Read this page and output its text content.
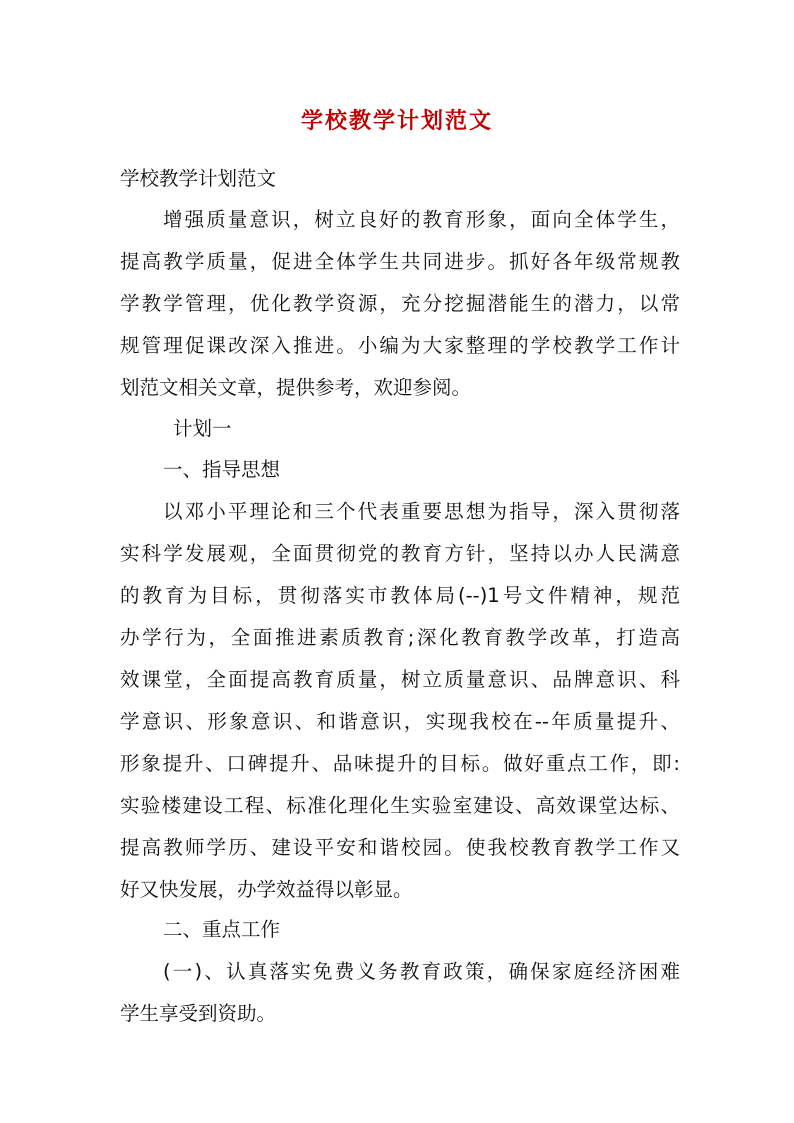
学校教学计划范文
学校教学计划范文
增强质量意识，树立良好的教育形象，面向全体学生，
提高教学质量，促进全体学生共同进步。抓好各年级常规教
学教学管理，优化教学资源，充分挖掘潜能生的潜力，以常
规管理促课改深入推进。小编为大家整理的学校教学工作计
划范文相关文章，提供参考，欢迎参阅。
计划一
一、指导思想
以邓小平理论和三个代表重要思想为指导，深入贯彻落
实科学发展观，全面贯彻党的教育方针，坚持以办人民满意
的教育为目标，贯彻落实市教体局(--)1号文件精神，规范
办学行为，全面推进素质教育;深化教育教学改革，打造高
效课堂，全面提高教育质量，树立质量意识、品牌意识、科
学意识、形象意识、和谐意识，实现我校在--年质量提升、
形象提升、口碑提升、品味提升的目标。做好重点工作，即:
实验楼建设工程、标准化理化生实验室建设、高效课堂达标、
提高教师学历、建设平安和谐校园。使我校教育教学工作又
好又快发展，办学效益得以彰显。
二、重点工作
(一)、认真落实免费义务教育政策，确保家庭经济困难
学生享受到资助。
